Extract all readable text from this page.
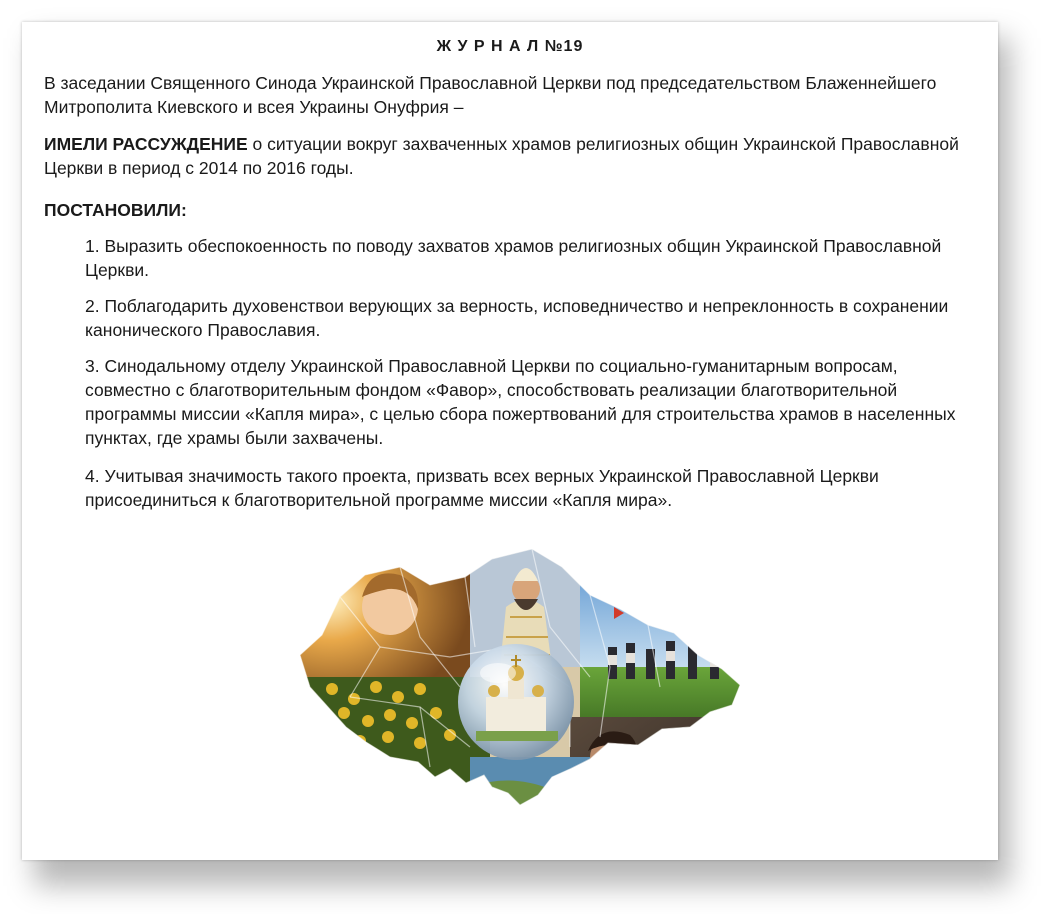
Ж У Р Н А Л №19
В заседании Священного Синода Украинской Православной Церкви под председательством Блаженнейшего Митрополита Киевского и всея Украины Онуфрия –
ИМЕЛИ РАССУЖДЕНИЕ о ситуации вокруг захваченных храмов религиозных общин Украинской Православной Церкви в период с 2014 по 2016 годы.
ПОСТАНОВИЛИ:
1. Выразить обеспокоенность по поводу захватов храмов религиозных общин Украинской Православной Церкви.
2. Поблагодарить духовенствои верующих за верность, исповедничество и непреклонность в сохранении канонического Православия.
3. Синодальному отделу Украинской Православной Церкви по социально-гуманитарным вопросам, совместно с благотворительным фондом «Фавор», способствовать реализации благотворительной программы миссии «Капля мира», с целью сбора пожертвований для строительства храмов в населенных пунктах, где храмы были захвачены.
4. Учитывая значимость такого проекта, призвать всех верных Украинской Православной Церкви присоединиться к благотворительной программе миссии «Капля мира».
